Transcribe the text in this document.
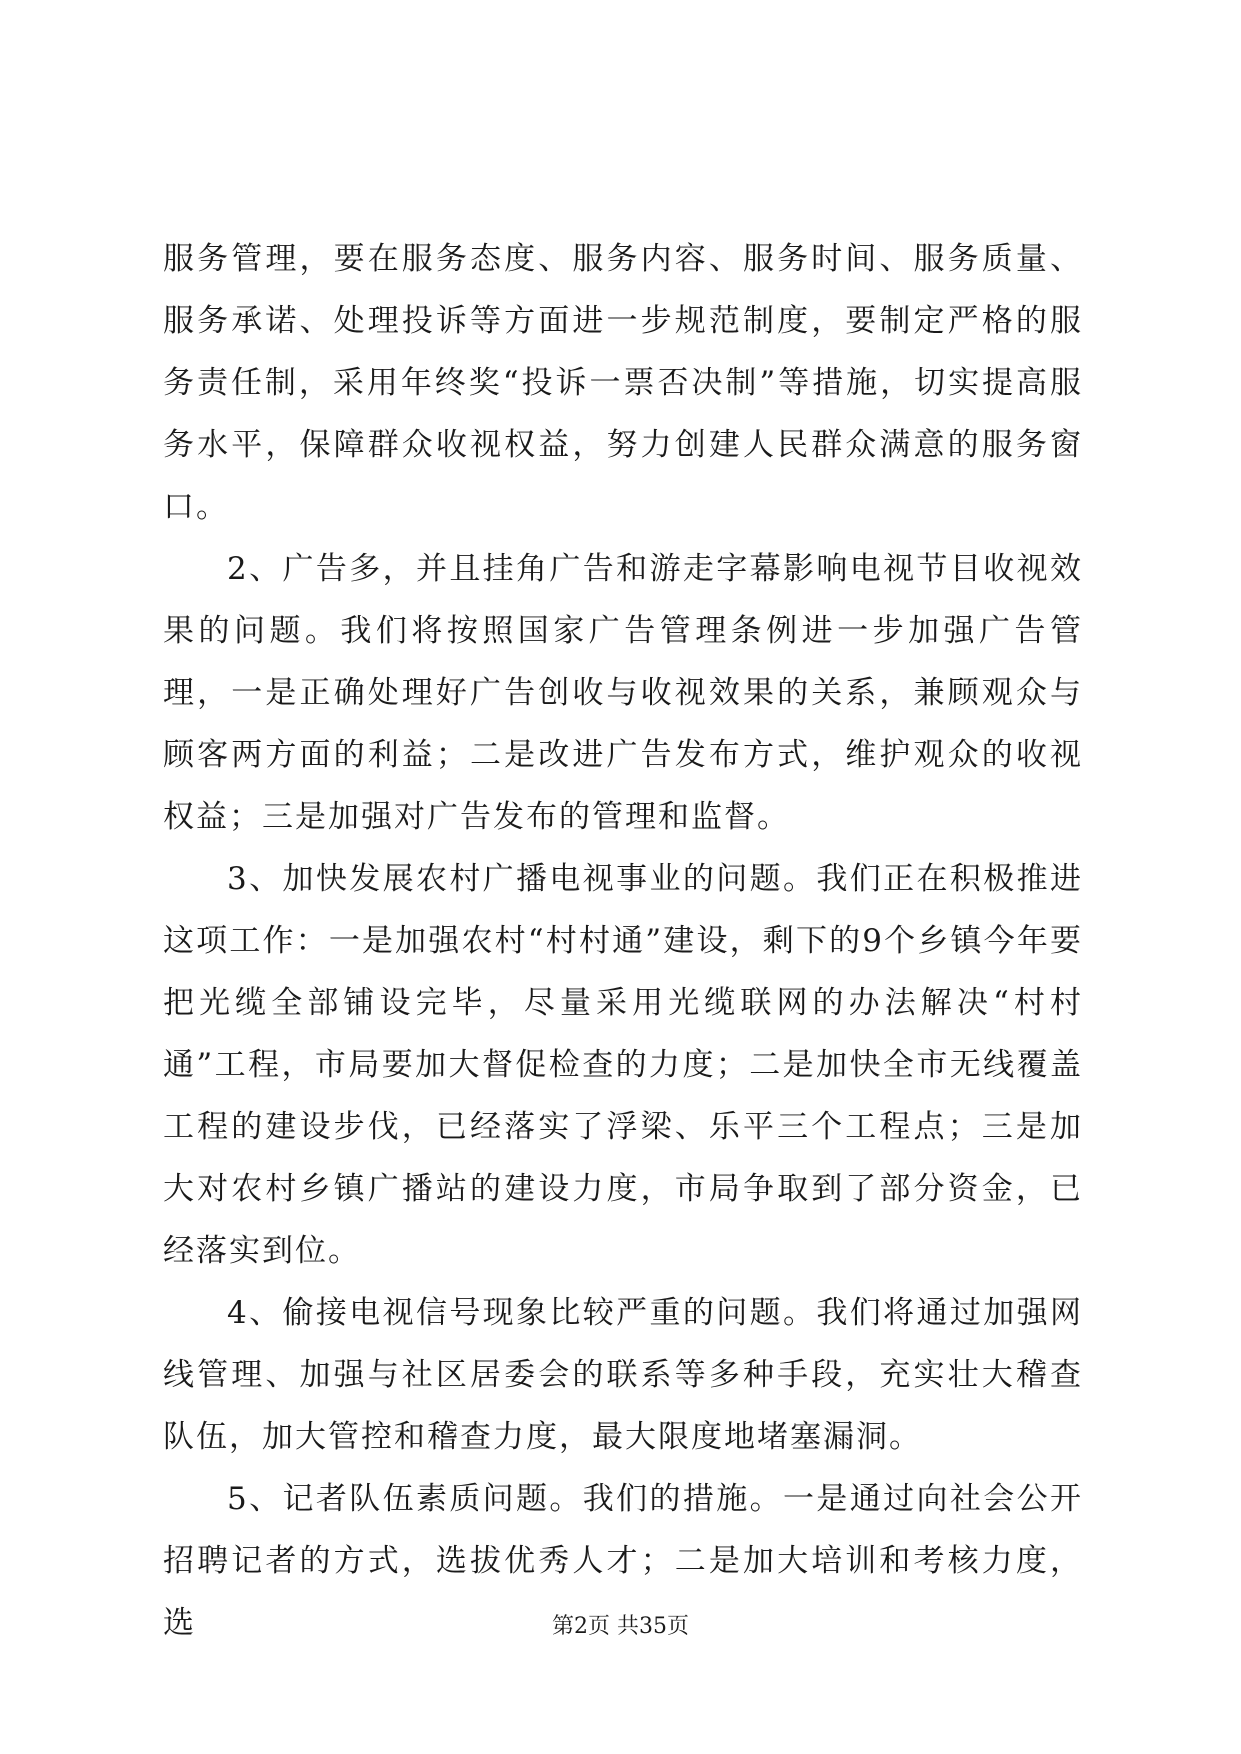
服务管理，要在服务态度、服务内容、服务时间、服务质量、服务承诺、处理投诉等方面进一步规范制度，要制定严格的服务责任制，采用年终奖“投诉一票否决制”等措施，切实提高服务水平，保障群众收视权益，努力创建人民群众满意的服务窗口。

2、广告多，并且挂角广告和游走字幕影响电视节目收视效果的问题。我们将按照国家广告管理条例进一步加强广告管理，一是正确处理好广告创收与收视效果的关系，兼顾观众与顾客两方面的利益；二是改进广告发布方式，维护观众的收视权益；三是加强对广告发布的管理和监督。

3、加快发展农村广播电视事业的问题。我们正在积极推进这项工作：一是加强农村“村村通”建设，剩下的9个乡镇今年要把光缆全部铺设完毕，尽量采用光缆联网的办法解决“村村通”工程，市局要加大督促检查的力度；二是加快全市无线覆盖工程的建设步伐，已经落实了浮梁、乐平三个工程点；三是加大对农村乡镇广播站的建设力度，市局争取到了部分资金，已经落实到位。

4、偷接电视信号现象比较严重的问题。我们将通过加强网线管理、加强与社区居委会的联系等多种手段，充实壮大稽查队伍，加大管控和稽查力度，最大限度地堵塞漏洞。

5、记者队伍素质问题。我们的措施。一是通过向社会公开招聘记者的方式，选拔优秀人才；二是加大培训和考核力度，选	第2页 共35页
